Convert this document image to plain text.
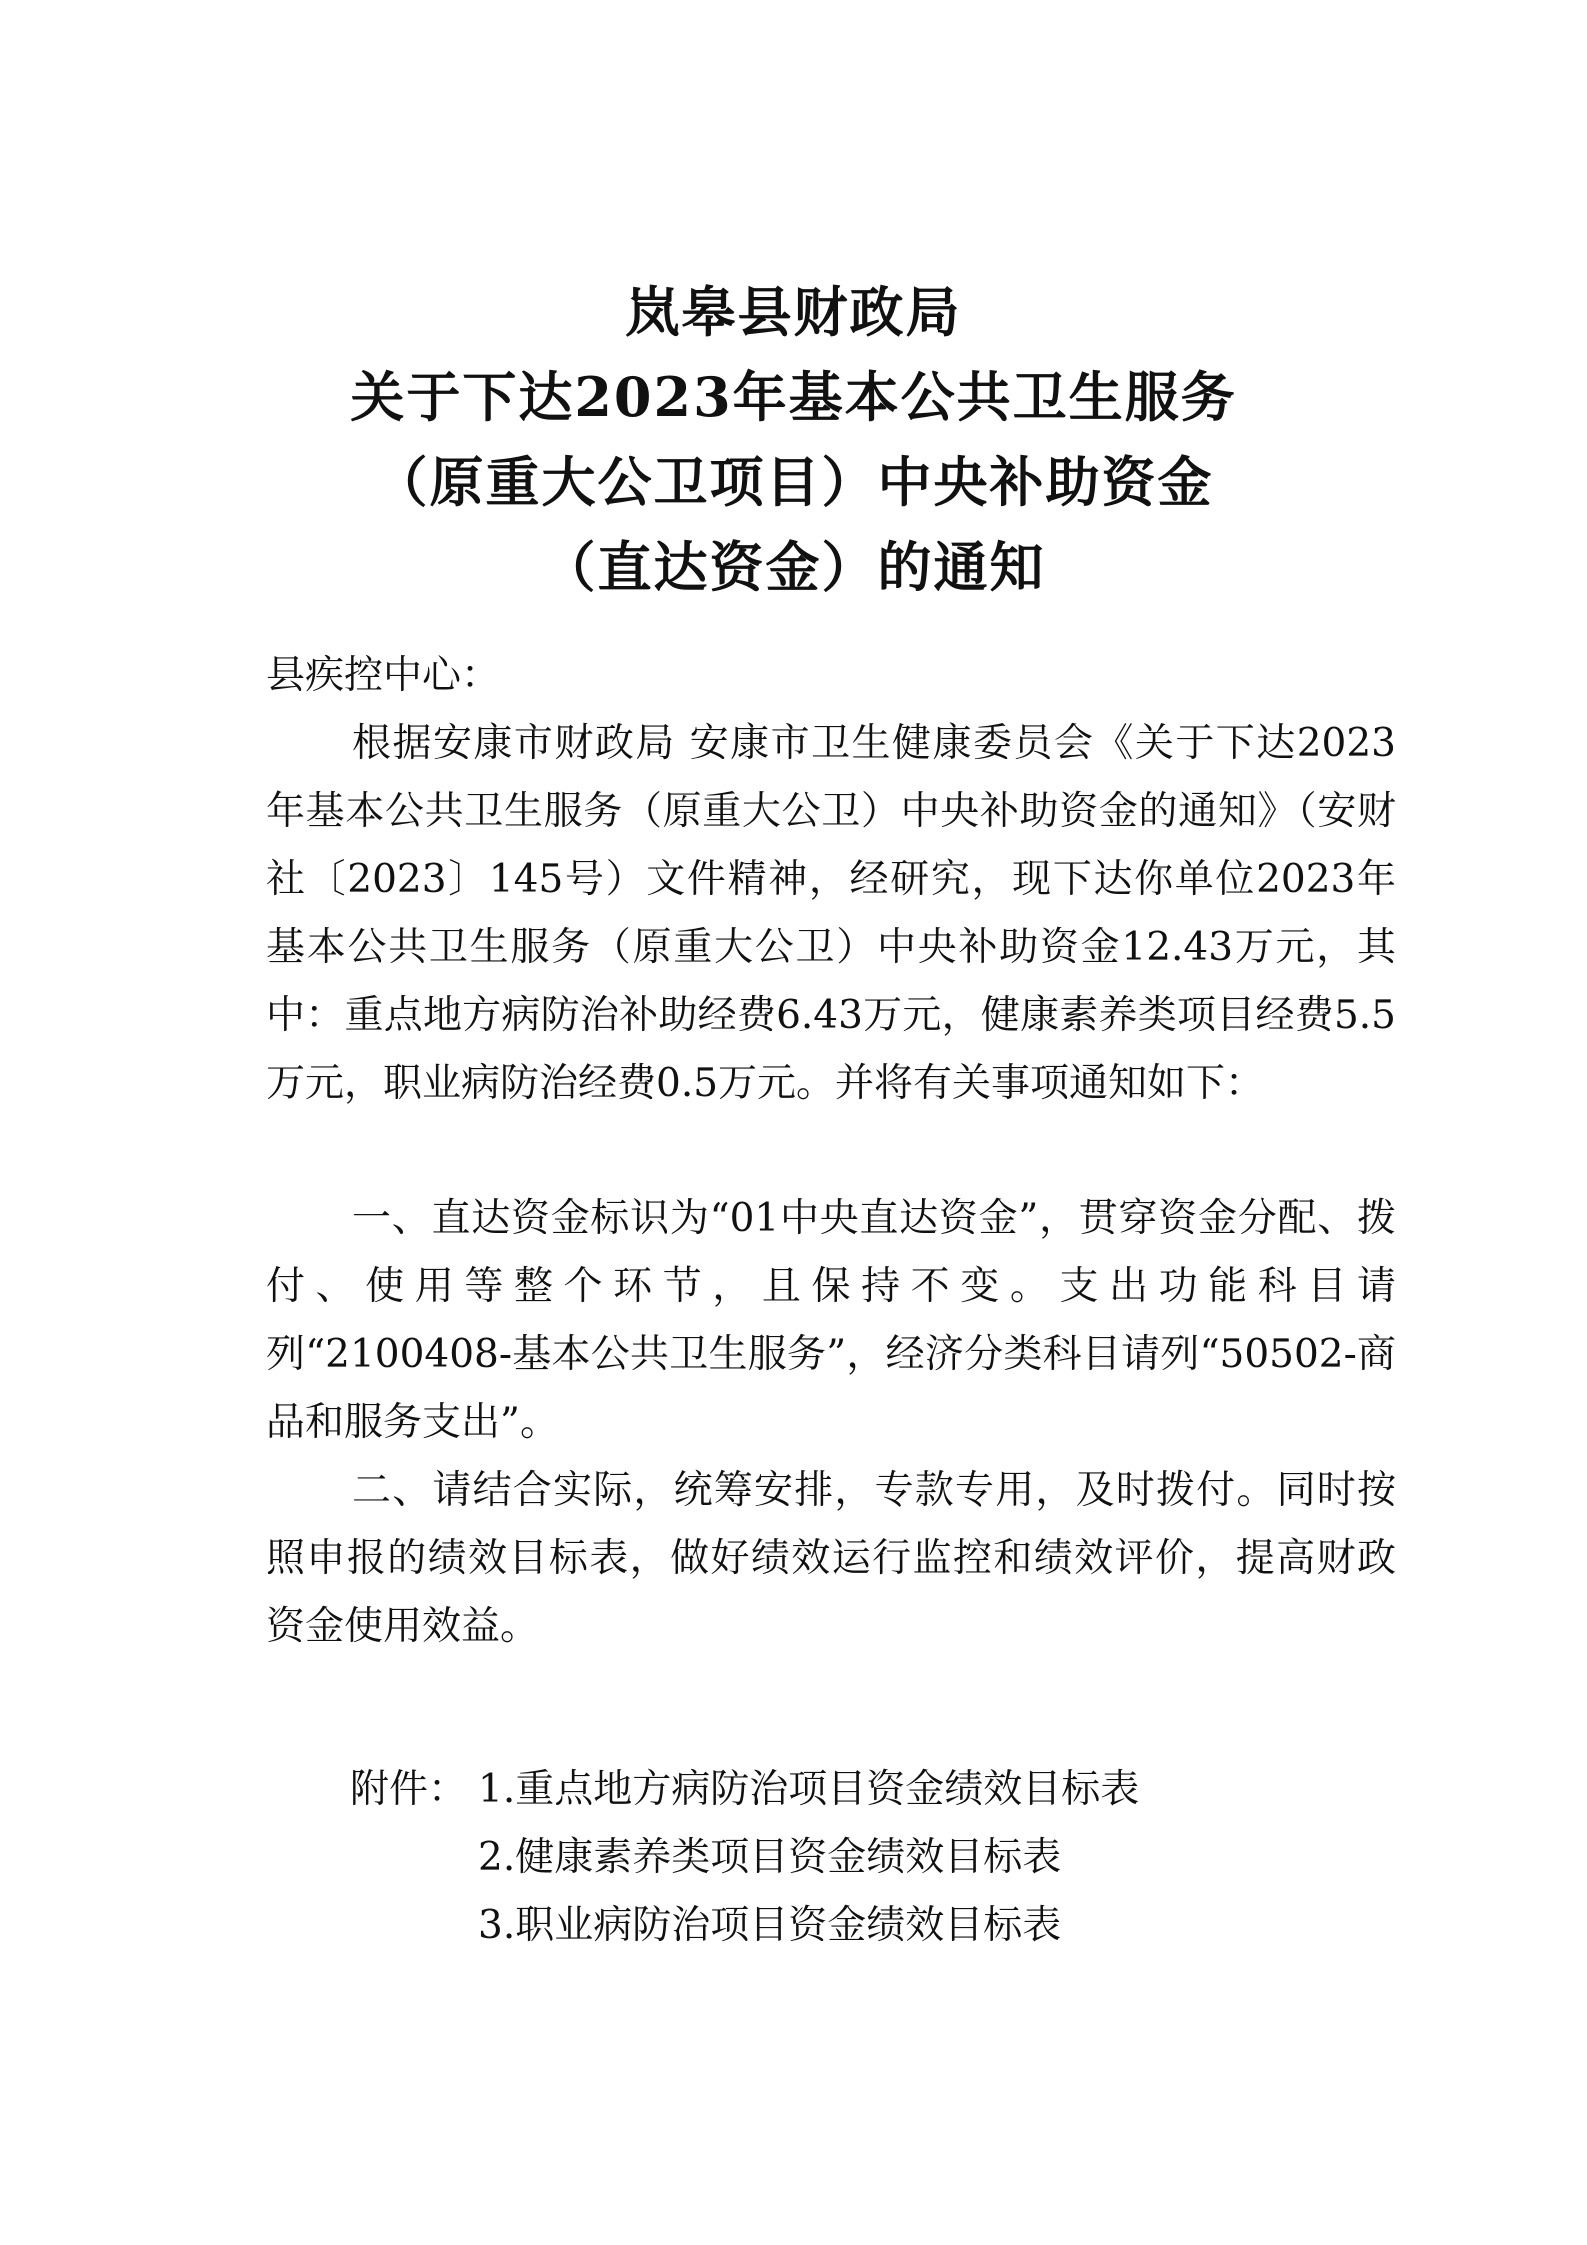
岚皋县财政局
关于下达2023年基本公共卫生服务
（原重大公卫项目）中央补助资金
（直达资金）的通知
县疾控中心：
根据安康市财政局 安康市卫生健康委员会《关于下达2023年基本公共卫生服务（原重大公卫）中央补助资金的通知》（安财社〔2023〕145号）文件精神，经研究，现下达你单位2023年基本公共卫生服务（原重大公卫）中央补助资金12.43万元，其中：重点地方病防治补助经费6.43万元，健康素养类项目经费5.5万元，职业病防治经费0.5万元。并将有关事项通知如下：
一、直达资金标识为“01中央直达资金”，贯穿资金分配、拨付、使用等整个环节，且保持不变。支出功能科目请列“2100408-基本公共卫生服务”，经济分类科目请列“50502-商品和服务支出”。
二、请结合实际，统筹安排，专款专用，及时拨付。同时按照申报的绩效目标表，做好绩效运行监控和绩效评价，提高财政资金使用效益。
附件： 1.重点地方病防治项目资金绩效目标表
2.健康素养类项目资金绩效目标表
3.职业病防治项目资金绩效目标表
